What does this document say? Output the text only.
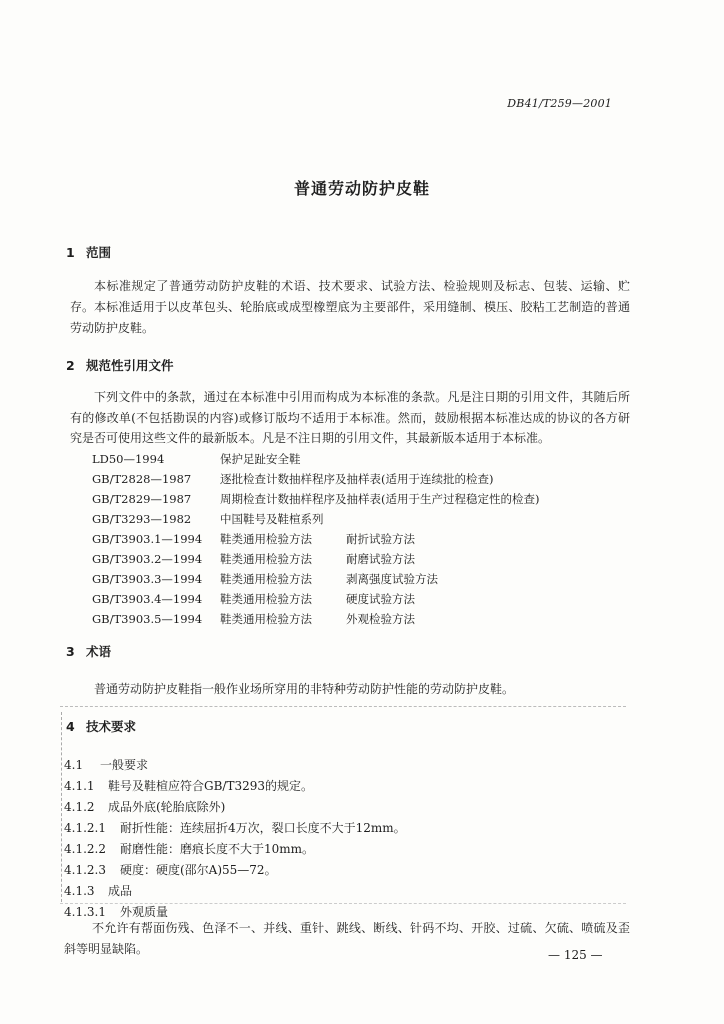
DB41/T259—2001
普通劳动防护皮鞋
1 范围
本标准规定了普通劳动防护皮鞋的术语、技术要求、试验方法、检验规则及标志、包装、运输、贮存。 本标准适用于以皮革包头、轮胎底或成型橡塑底为主要部件，采用缝制、模压、胶粘工艺制造的普通劳动防护皮鞋。
2 规范性引用文件
下列文件中的条款，通过在本标准中引用而构成为本标准的条款。凡是注日期的引用文件，其随后所有的修改单(不包括勘误的内容)或修订版均不适用于本标准。然而，鼓励根据本标准达成的协议的各方研究是否可使用这些文件的最新版本。凡是不注日期的引用文件，其最新版本适用于本标准。
LD50—1994	保护足趾安全鞋
GB/T2828—1987	逐批检查计数抽样程序及抽样表(适用于连续批的检查)
GB/T2829—1987	周期检查计数抽样程序及抽样表(适用于生产过程稳定性的检查)
GB/T3293—1982	中国鞋号及鞋楦系列
GB/T3903.1—1994 鞋类通用检验方法	耐折试验方法
GB/T3903.2—1994 鞋类通用检验方法	耐磨试验方法
GB/T3903.3—1994 鞋类通用检验方法	剥离强度试验方法
GB/T3903.4—1994 鞋类通用检验方法	硬度试验方法
GB/T3903.5—1994 鞋类通用检验方法	外观检验方法
3 术语
普通劳动防护皮鞋指一般作业场所穿用的非特种劳动防护性能的劳动防护皮鞋。
4 技术要求
4.1 一般要求
4.1.1 鞋号及鞋楦应符合GB/T3293的规定。
4.1.2 成品外底(轮胎底除外)
4.1.2.1 耐折性能：连续屈折4万次，裂口长度不大于12mm。
4.1.2.2 耐磨性能：磨痕长度不大于10mm。
4.1.2.3 硬度：硬度(邵尔A)55—72。
4.1.3 成品
4.1.3.1 外观质量
不允许有帮面伤残、色泽不一、并线、重针、跳线、断线、针码不均、开胶、过硫、欠硫、喷硫及歪斜等明显缺陷。	— 125 —
